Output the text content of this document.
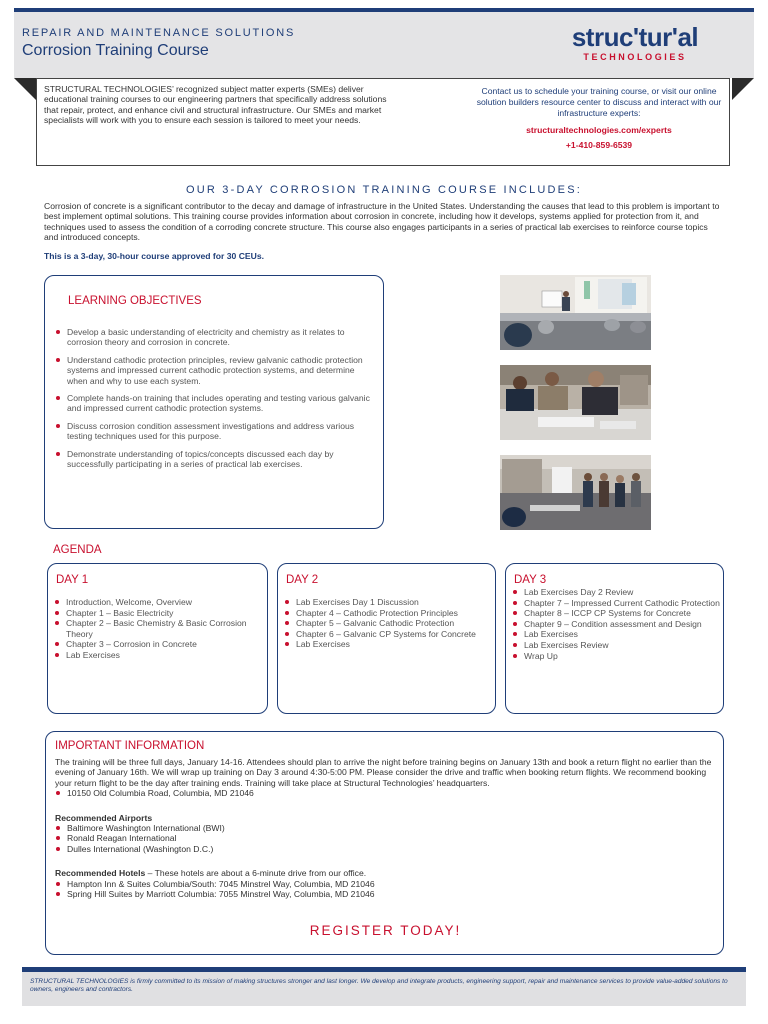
REPAIR AND MAINTENANCE SOLUTIONS
Corrosion Training Course	struc'tur'al
TECHNOLOGIES
STRUCTURAL TECHNOLOGIES’ recognized subject matter experts (SMEs) deliver educational training courses to our engineering partners that specifically address solutions that repair, protect, and enhance civil and structural infrastructure. Our SMEs and market specialists will work with you to ensure each session is tailored to meet your needs.
Contact us to schedule your training course, or visit our online solution builders resource center to discuss and interact with our infrastructure experts:
structuraltechnologies.com/experts
+1-410-859-6539
OUR 3-DAY CORROSION TRAINING COURSE INCLUDES:
Corrosion of concrete is a significant contributor to the decay and damage of infrastructure in the United States. Understanding the causes that lead to this problem is important to best implement optimal solutions. This training course provides information about corrosion in concrete, including how it develops, systems applied for protection from it, and techniques used to assess the condition of a corroding concrete structure. This course also engages participants in a series of practical lab exercises to reinforce course topics and introduced concepts.
This is a 3-day, 30-hour course approved for 30 CEUs.
LEARNING OBJECTIVES
Develop a basic understanding of electricity and chemistry as it relates to corrosion theory and corrosion in concrete.
Understand cathodic protection principles, review galvanic cathodic protection systems and impressed current cathodic protection systems, and determine when and why to use each system.
Complete hands-on training that includes operating and testing various galvanic and impressed current cathodic protection systems.
Discuss corrosion condition assessment investigations and address various testing techniques used for this purpose.
Demonstrate understanding of topics/concepts discussed each day by successfully participating in a series of practical lab exercises.
AGENDA
DAY 1
Introduction, Welcome, Overview
Chapter 1 – Basic Electricity
Chapter 2 – Basic Chemistry & Basic Corrosion Theory
Chapter 3 – Corrosion in Concrete
Lab Exercises
DAY 2
Lab Exercises Day 1 Discussion
Chapter 4 – Cathodic Protection Principles
Chapter 5 – Galvanic Cathodic Protection
Chapter 6 – Galvanic CP Systems for Concrete
Lab Exercises
DAY 3
Lab Exercises Day 2 Review
Chapter 7 – Impressed Current Cathodic Protection
Chapter 8 – ICCP CP Systems for Concrete
Chapter 9 – Condition assessment and Design
Lab Exercises
Lab Exercises Review
Wrap Up
IMPORTANT INFORMATION
The training will be three full days, January 14-16. Attendees should plan to arrive the night before training begins on January 13th and book a return flight no earlier than the evening of January 16th. We will wrap up training on Day 3 around 4:30-5:00 PM. Please consider the drive and traffic when booking return flights. We recommend booking your return flight to be the day after training ends. Training will take place at Structural Technologies’ headquarters.
10150 Old Columbia Road, Columbia, MD 21046
Recommended Airports
Baltimore Washington International (BWI)
Ronald Reagan International
Dulles International (Washington D.C.)
Recommended Hotels – These hotels are about a 6-minute drive from our office.
Hampton Inn & Suites Columbia/South: 7045 Minstrel Way, Columbia, MD 21046
Spring Hill Suites by Marriott Columbia: 7055 Minstrel Way, Columbia, MD 21046
REGISTER TODAY!
STRUCTURAL TECHNOLOGIES is firmly committed to its mission of making structures stronger and last longer. We develop and integrate products, engineering support, repair and maintenance services to provide value-added solutions to owners, engineers and contractors.
